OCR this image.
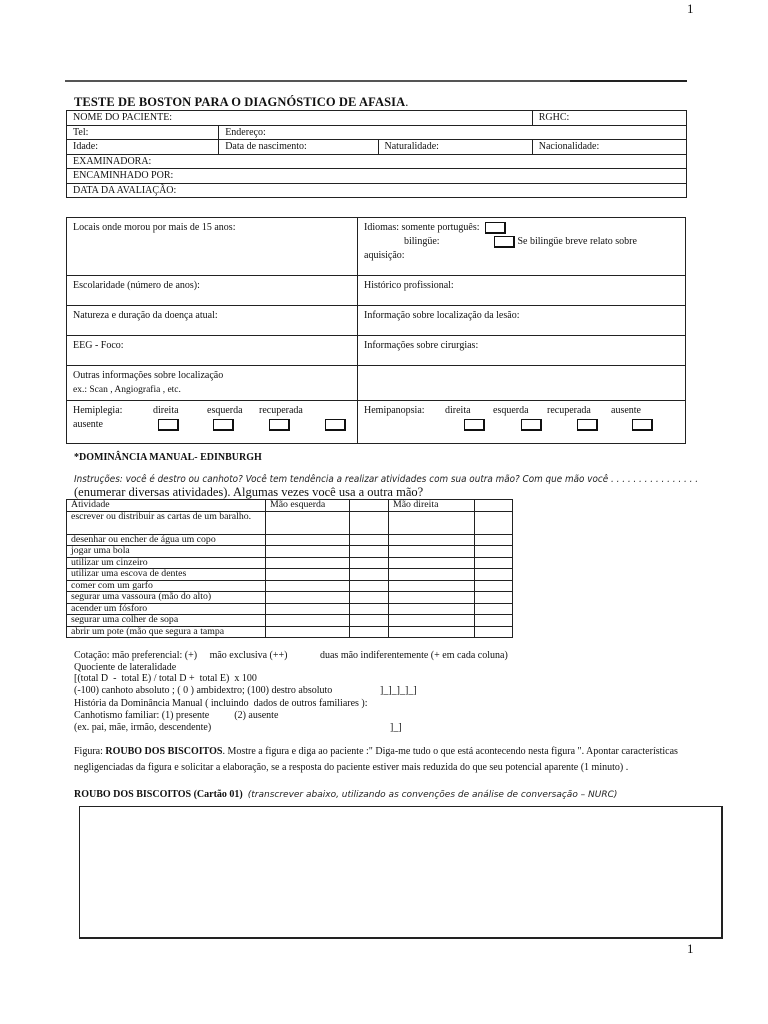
1
TESTE DE BOSTON PARA O DIAGNÓSTICO DE AFASIA.
NOME DO PACIENTE:			RGHC:
Tel:	Endereço:		
Idade:	Data de nascimento:	Naturalidade:	Nacionalidade:
EXAMINADORA:			
ENCAMINHADO POR:			
DATA DA AVALIAÇÃO:			
Locais onde morou por mais de 15 anos:	Idiomas: somente português:
bilingüe: Se bilingüe breve relato sobre
aquisição:

Escolaridade (número de anos):	Histórico profissional:
Natureza e duração da doença atual:	Informação sobre localização da lesão:
EEG - Foco:	Informações sobre cirurgias:

Outras informações sobre localização
ex.: Scan , Angiografia , etc.	

Hemiplegia: direita esquerda recuperada
ausente	Hemipanopsia: direita esquerda recuperada ausente
*DOMINÂNCIA MANUAL- EDINBURGH
Instruções: você é destro ou canhoto? Você tem tendência a realizar atividades com sua outra mão? Com que mão você . . . . . . . . . . . . . . . .
(enumerar diversas atividades). Algumas vezes você usa a outra mão?
Atividade	Mão esquerda		Mão direita	
escrever ou distribuir as cartas de um baralho.				
desenhar ou encher de água um copo				
jogar uma bola				
utilizar um cinzeiro				
utilizar uma escova de dentes				
comer com um garfo				
segurar uma vassoura (mão do alto)				
acender um fósforo				
segurar uma colher de sopa				
abrir um pote (mão que segura a tampa				
Cotação: mão preferencial: (+)     mão exclusiva (++)             duas mão indiferentemente (+ em cada coluna)
Quociente de lateralidade
[(total D  -  total E) / total D +  total E)  x 100
(-100) canhoto absoluto ; ( 0 ) ambidextro; (100) destro absoluto	]_]_]_]_]
História da Dominância Manual ( incluindo  dados de outros familiares ):
Canhotismo familiar: (1) presente          (2) ausente
(ex. pai, mãe, irmão, descendente)	]_]
Figura: ROUBO DOS BISCOITOS. Mostre a figura e diga ao paciente :" Diga-me tudo o que está acontecendo nesta figura ". Apontar características negligenciadas da figura e solicitar a elaboração, se a resposta do paciente estiver mais reduzida do que seu potencial aparente (1 minuto) .
ROUBO DOS BISCOITOS (Cartão 01) (transcrever abaixo, utilizando as convenções de análise de conversação – NURC)
1
